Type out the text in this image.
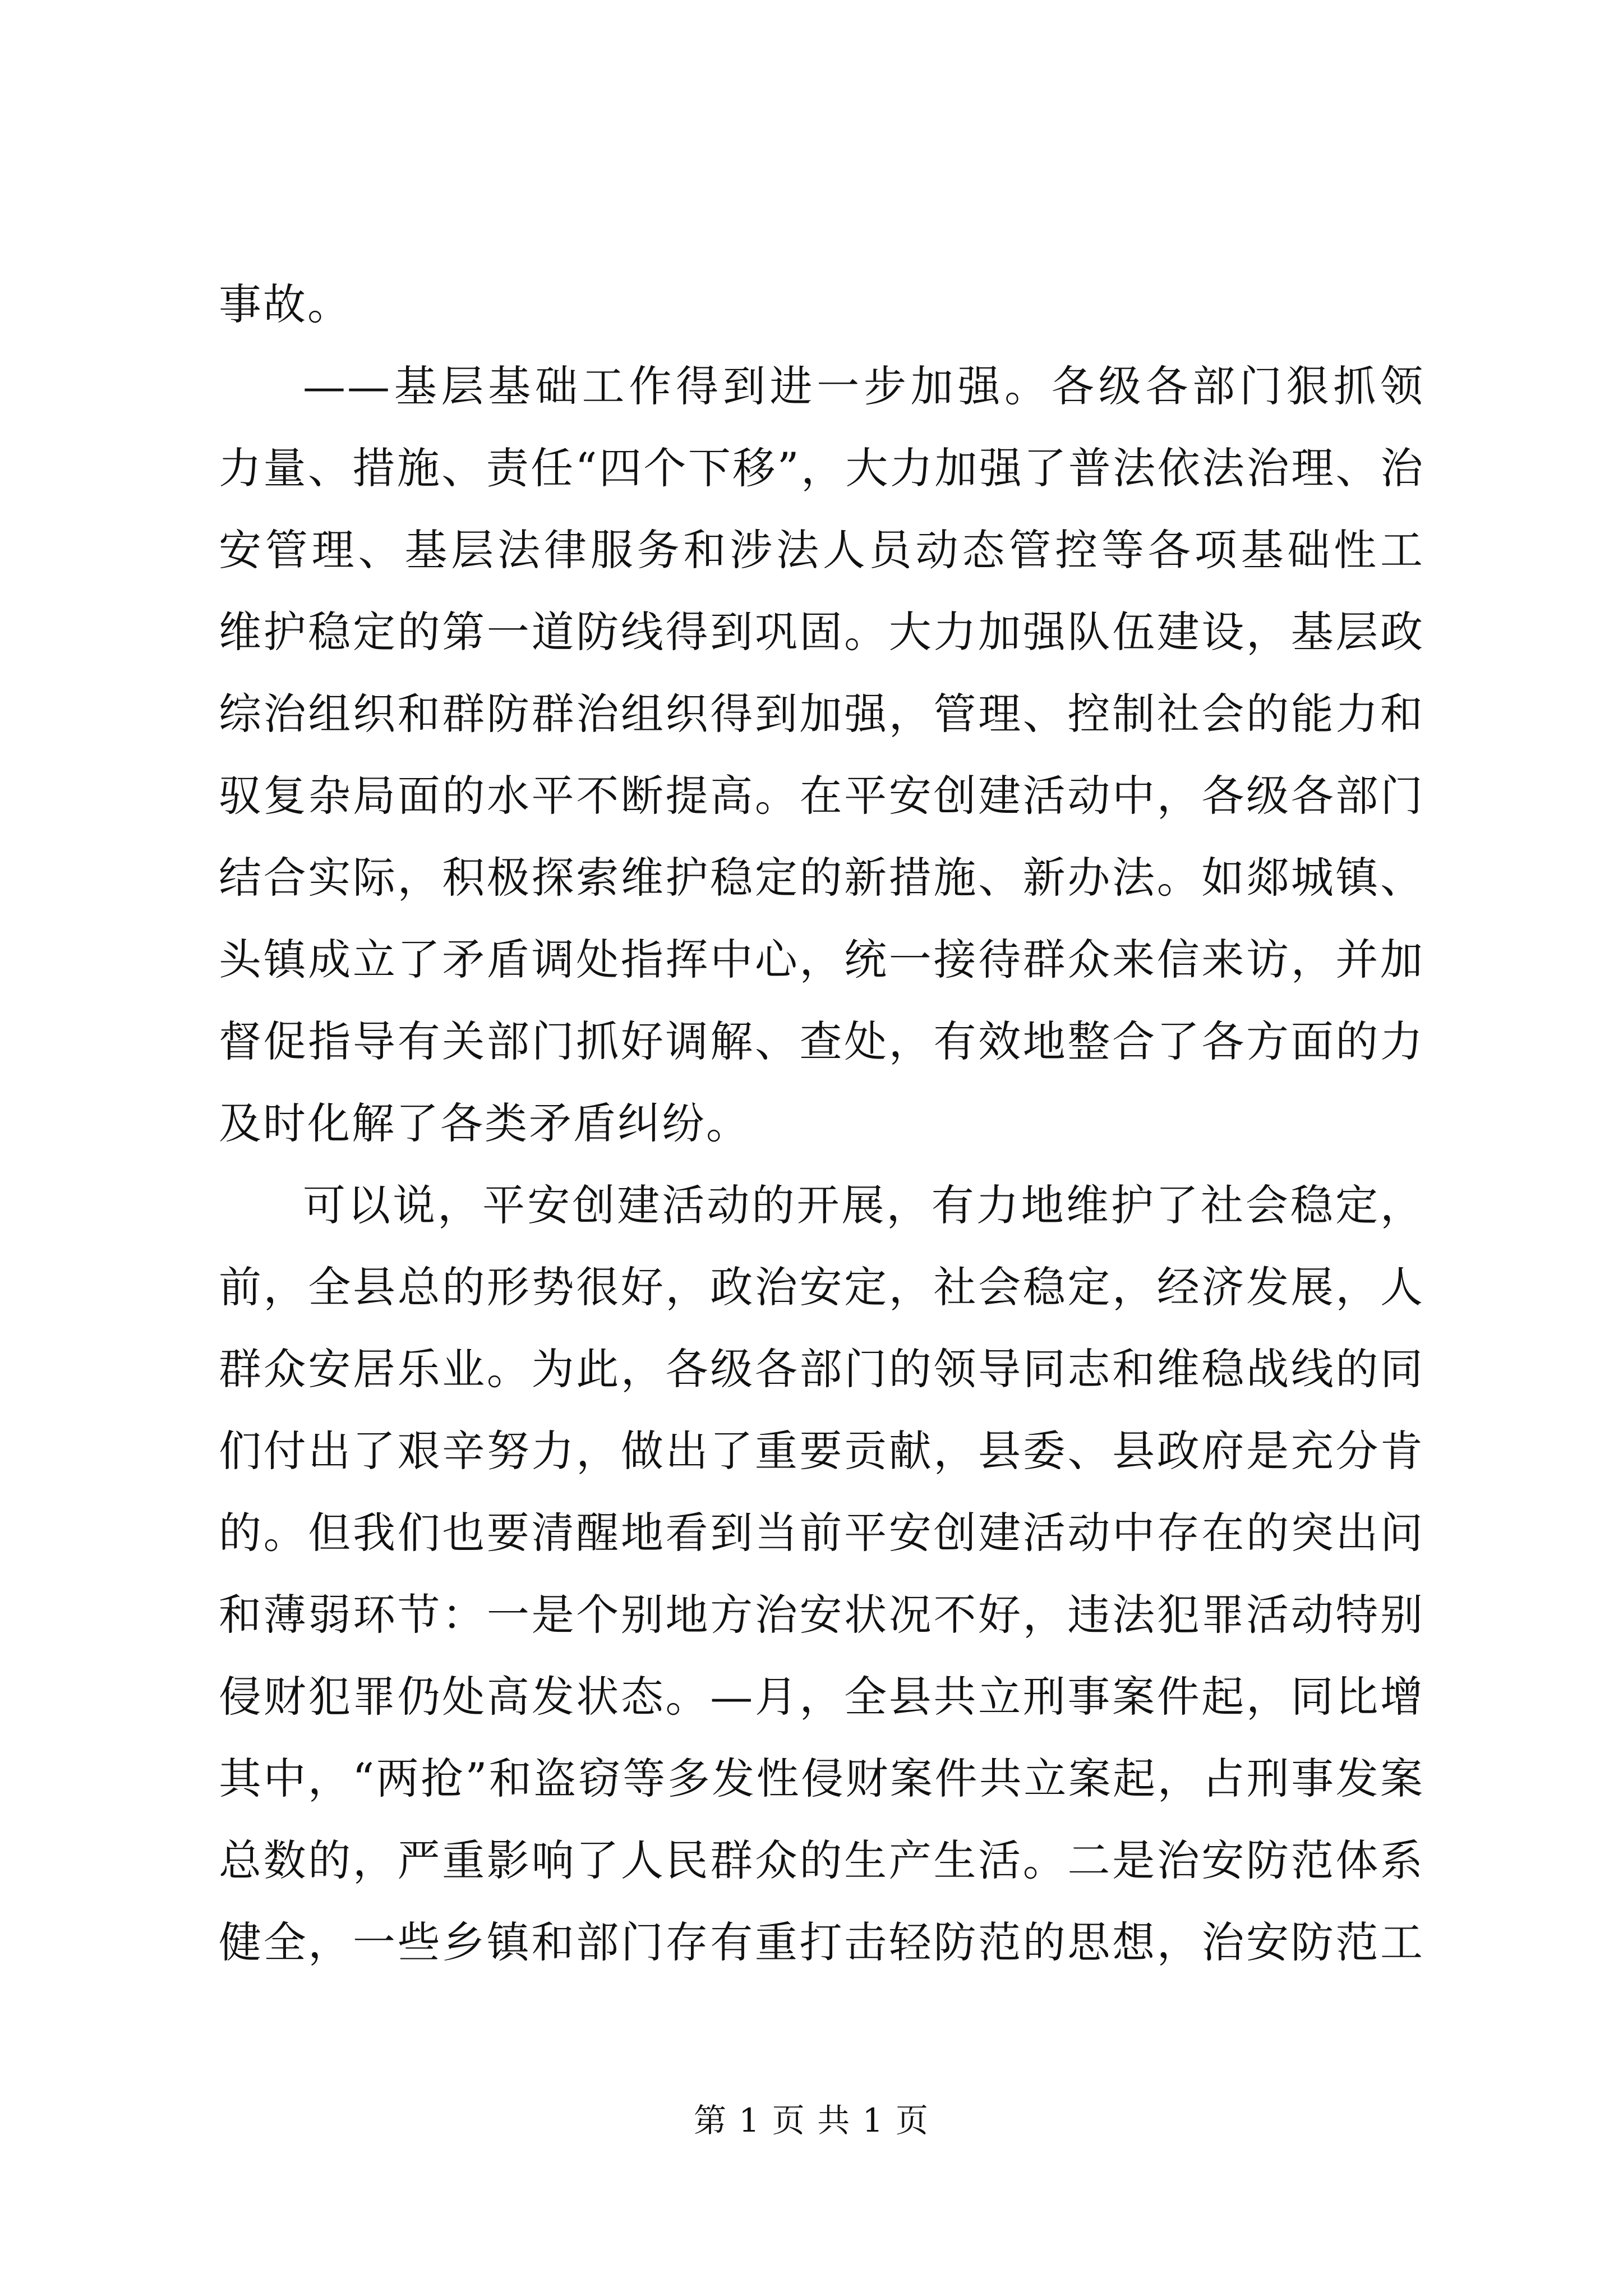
事故。
——基层基础工作得到进一步加强。各级各部门狠抓领
力量、措施、责任“四个下移”，大力加强了普法依法治理、治
安管理、基层法律服务和涉法人员动态管控等各项基础性工
维护稳定的第一道防线得到巩固。大力加强队伍建设，基层政
综治组织和群防群治组织得到加强，管理、控制社会的能力和
驭复杂局面的水平不断提高。在平安创建活动中，各级各部门
结合实际，积极探索维护稳定的新措施、新办法。如郯城镇、
头镇成立了矛盾调处指挥中心，统一接待群众来信来访，并加
督促指导有关部门抓好调解、查处，有效地整合了各方面的力
及时化解了各类矛盾纠纷。
可以说，平安创建活动的开展，有力地维护了社会稳定，
前，全县总的形势很好，政治安定，社会稳定，经济发展，人
群众安居乐业。为此，各级各部门的领导同志和维稳战线的同
们付出了艰辛努力，做出了重要贡献，县委、县政府是充分肯
的。但我们也要清醒地看到当前平安创建活动中存在的突出问
和薄弱环节：一是个别地方治安状况不好，违法犯罪活动特别
侵财犯罪仍处高发状态。—月，全县共立刑事案件起，同比增
其中，“两抢”和盗窃等多发性侵财案件共立案起，占刑事发案
总数的，严重影响了人民群众的生产生活。二是治安防范体系
健全，一些乡镇和部门存有重打击轻防范的思想，治安防范工
第 1 页 共 1 页
